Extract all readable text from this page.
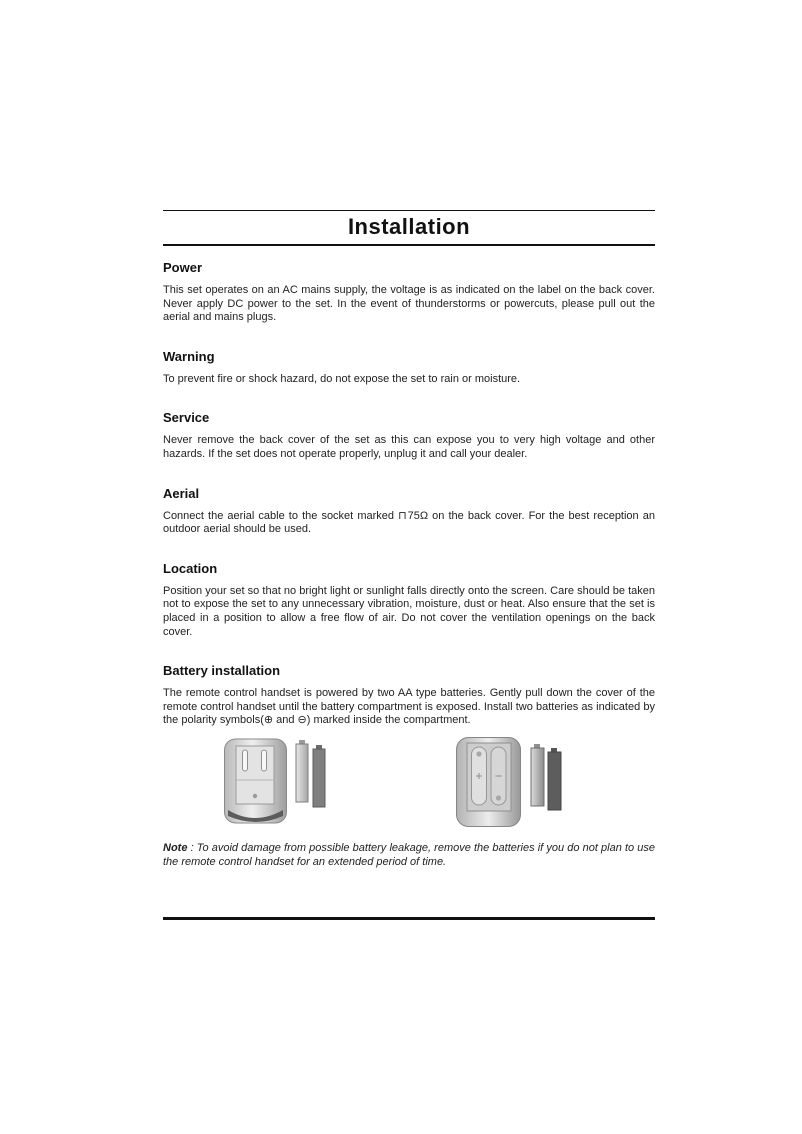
Installation
Power

This set operates on an AC mains supply, the voltage is as indicated on the label on the back cover. Never apply DC power to the set. In the event of thunderstorms or powercuts, please pull out the aerial and mains plugs.

Warning

To prevent fire or shock hazard, do not expose the set to rain or moisture.

Service

Never remove the back cover of the set as this can expose you to very high voltage and other hazards. If the set does not operate properly, unplug it and call your dealer.

Aerial

Connect the aerial cable to the socket marked ⊓ 75Ω on the back cover. For the best reception an outdoor aerial should be used.

Location

Position your set so that no bright light or sunlight falls directly onto the screen. Care should be taken not to expose the set to any unnecessary vibration, moisture, dust or heat. Also ensure that the set is placed in a position to allow a free flow of air. Do not cover the ventilation openings on the back cover.

Battery installation

The remote control handset is powered by two AA type batteries. Gently pull down the cover of the remote control handset until the battery compartment is exposed. Install two batteries as indicated by the polarity symbols(⊕ and ⊖) marked inside the compartment.

Note : To avoid damage from possible battery leakage, remove the batteries if you do not plan to use the remote control handset for an extended period of time.
